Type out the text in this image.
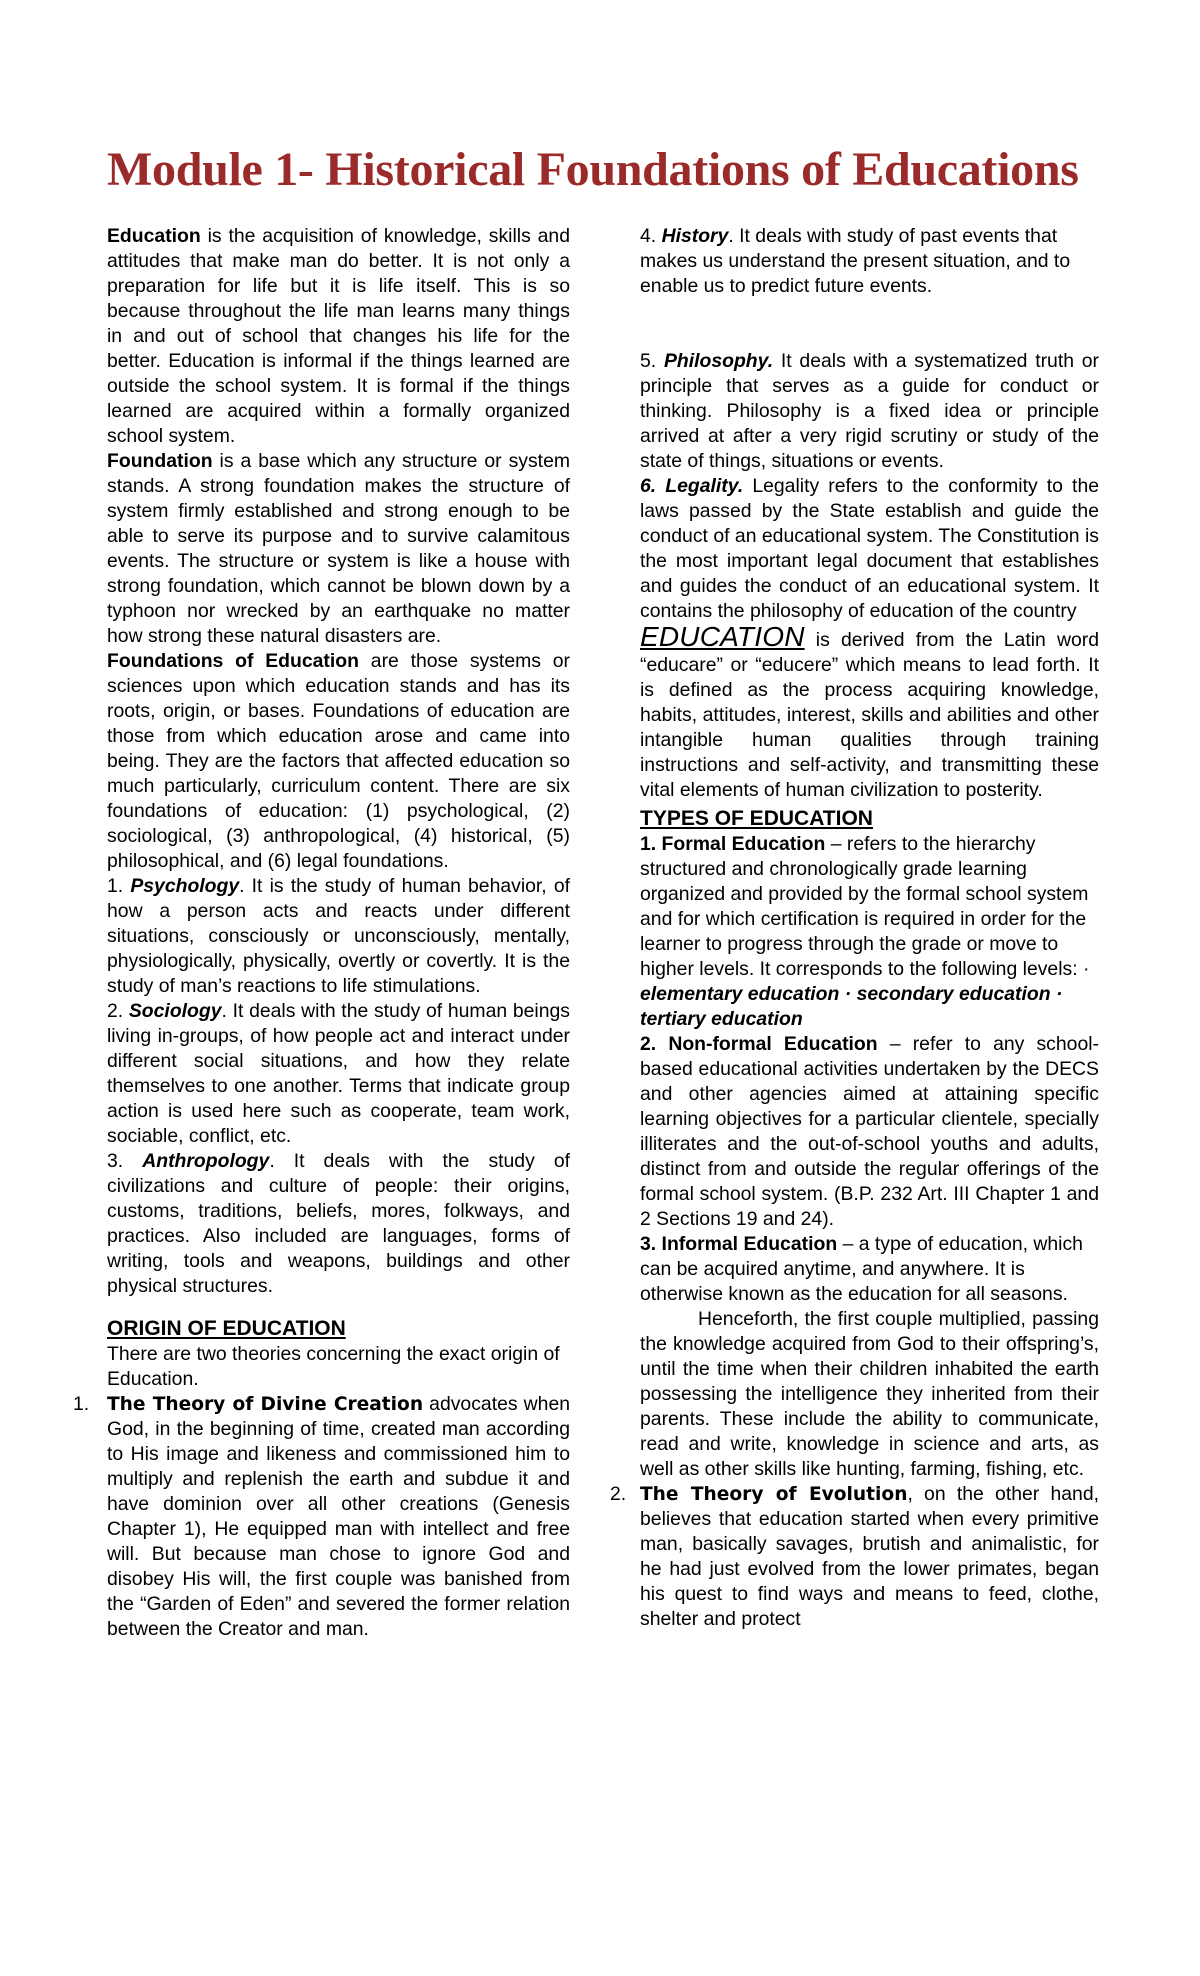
Module 1- Historical Foundations of Educations

Education is the acquisition of knowledge, skills and attitudes that make man do better. It is not only a preparation for life but it is life itself. This is so because throughout the life man learns many things in and out of school that changes his life for the better. Education is informal if the things learned are outside the school system. It is formal if the things learned are acquired within a formally organized school system.

Foundation is a base which any structure or system stands. A strong foundation makes the structure of system firmly established and strong enough to be able to serve its purpose and to survive calamitous events. The structure or system is like a house with strong foundation, which cannot be blown down by a typhoon nor wrecked by an earthquake no matter how strong these natural disasters are.

Foundations of Education are those systems or sciences upon which education stands and has its roots, origin, or bases. Foundations of education are those from which education arose and came into being. They are the factors that affected education so much particularly, curriculum content. There are six foundations of education: (1) psychological, (2) sociological, (3) anthropological, (4) historical, (5) philosophical, and (6) legal foundations.

1. Psychology. It is the study of human behavior, of how a person acts and reacts under different situations, consciously or unconsciously, mentally, physiologically, physically, overtly or covertly. It is the study of man’s reactions to life stimulations.

2. Sociology. It deals with the study of human beings living in-groups, of how people act and interact under different social situations, and how they relate themselves to one another. Terms that indicate group action is used here such as cooperate, team work, sociable, conflict, etc.

3. Anthropology. It deals with the study of civilizations and culture of people: their origins, customs, traditions, beliefs, mores, folkways, and practices. Also included are languages, forms of writing, tools and weapons, buildings and other physical structures.

ORIGIN OF EDUCATION

There are two theories concerning the exact origin of Education.

1. The Theory of Divine Creation advocates when God, in the beginning of time, created man according to His image and likeness and commissioned him to multiply and replenish the earth and subdue it and have dominion over all other creations (Genesis Chapter 1), He equipped man with intellect and free will. But because man chose to ignore God and disobey His will, the first couple was banished from the “Garden of Eden” and severed the former relation between the Creator and man.

4. History. It deals with study of past events that makes us understand the present situation, and to enable us to predict future events.

5. Philosophy. It deals with a systematized truth or principle that serves as a guide for conduct or thinking. Philosophy is a fixed idea or principle arrived at after a very rigid scrutiny or study of the state of things, situations or events.

6. Legality. Legality refers to the conformity to the laws passed by the State establish and guide the conduct of an educational system. The Constitution is the most important legal document that establishes and guides the conduct of an educational system. It contains the philosophy of education of the country

EDUCATION is derived from the Latin word “educare” or “educere” which means to lead forth. It is defined as the process acquiring knowledge, habits, attitudes, interest, skills and abilities and other intangible human qualities through training instructions and self-activity, and transmitting these vital elements of human civilization to posterity.

TYPES OF EDUCATION

1. Formal Education – refers to the hierarchy structured and chronologically grade learning organized and provided by the formal school system and for which certification is required in order for the learner to progress through the grade or move to higher levels. It corresponds to the following levels: · elementary education · secondary education · tertiary education

2. Non-formal Education – refer to any school-based educational activities undertaken by the DECS and other agencies aimed at attaining specific learning objectives for a particular clientele, specially illiterates and the out-of-school youths and adults, distinct from and outside the regular offerings of the formal school system. (B.P. 232 Art. III Chapter 1 and 2 Sections 19 and 24).

3. Informal Education – a type of education, which can be acquired anytime, and anywhere. It is otherwise known as the education for all seasons.

Henceforth, the first couple multiplied, passing the knowledge acquired from God to their offspring’s, until the time when their children inhabited the earth possessing the intelligence they inherited from their parents. These include the ability to communicate, read and write, knowledge in science and arts, as well as other skills like hunting, farming, fishing, etc.

2. The Theory of Evolution, on the other hand, believes that education started when every primitive man, basically savages, brutish and animalistic, for he had just evolved from the lower primates, began his quest to find ways and means to feed, clothe, shelter and protect
